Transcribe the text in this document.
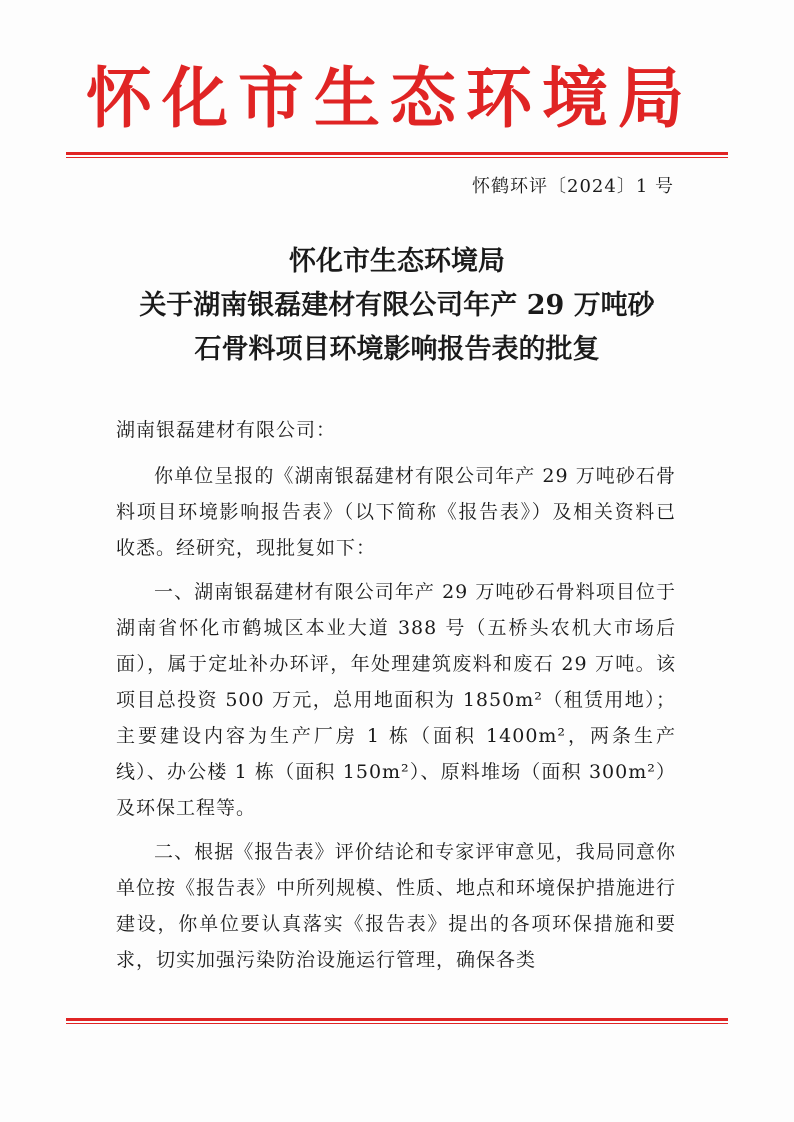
怀化市生态环境局
怀鹤环评〔2024〕1 号
怀化市生态环境局
关于湖南银磊建材有限公司年产 29 万吨砂
石骨料项目环境影响报告表的批复

湖南银磊建材有限公司：

你单位呈报的《湖南银磊建材有限公司年产 29 万吨砂石骨料项目环境影响报告表》（以下简称《报告表》）及相关资料已收悉。经研究，现批复如下：

一、湖南银磊建材有限公司年产 29 万吨砂石骨料项目位于湖南省怀化市鹤城区本业大道 388 号（五桥头农机大市场后面），属于定址补办环评，年处理建筑废料和废石 29 万吨。该项目总投资 500 万元，总用地面积为 1850m²（租赁用地）；主要建设内容为生产厂房 1 栋（面积 1400m²，两条生产线）、办公楼 1 栋（面积 150m²）、原料堆场（面积 300m²）及环保工程等。

二、根据《报告表》评价结论和专家评审意见，我局同意你单位按《报告表》中所列规模、性质、地点和环境保护措施进行建设，你单位要认真落实《报告表》提出的各项环保措施和要求，切实加强污染防治设施运行管理，确保各类
